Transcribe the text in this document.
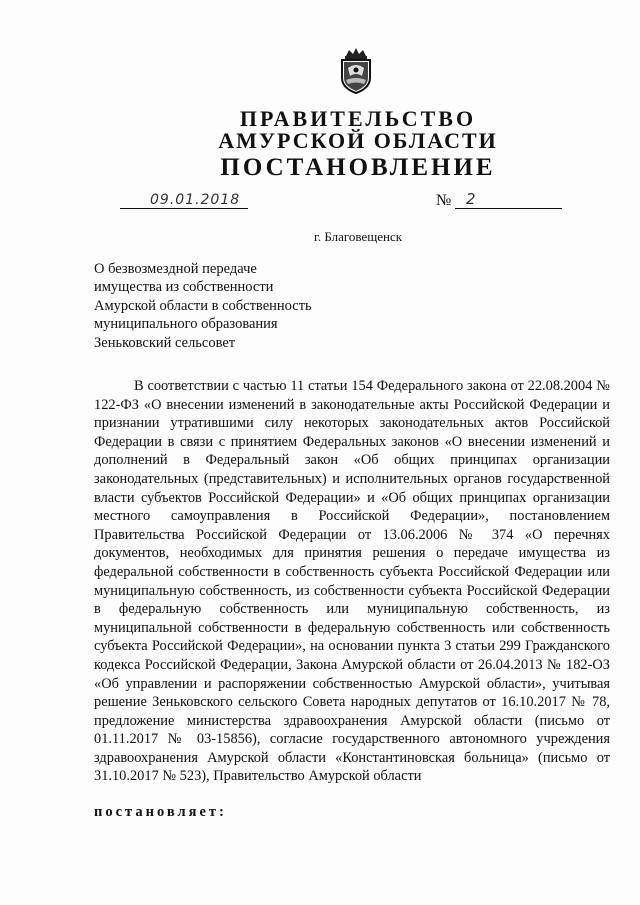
ПРАВИТЕЛЬСТВО
АМУРСКОЙ ОБЛАСТИ
ПОСТАНОВЛЕНИЕ
09.01.2018	№ 2
г. Благовещенск

О безвозмездной передаче
имущества из собственности
Амурской области в собственность
муниципального образования
Зеньковский сельсовет

В соответствии с частью 11 статьи 154 Федерального закона от 22.08.2004 № 122-ФЗ «О внесении изменений в законодательные акты Российской Федерации и признании утратившими силу некоторых законодательных актов Российской Федерации в связи с принятием Федеральных законов «О внесении изменений и дополнений в Федеральный закон «Об общих принципах организации законодательных (представительных) и исполнительных органов государственной власти субъектов Российской Федерации» и «Об общих принципах организации местного самоуправления в Российской Федерации», постановлением Правительства Российской Федерации от 13.06.2006 № 374 «О перечнях документов, необходимых для принятия решения о передаче имущества из федеральной собственности в собственность субъекта Российской Федерации или муниципальную собственность, из собственности субъекта Российской Федерации в федеральную собственность или муниципальную собственность, из муниципальной собственности в федеральную собственность или собственность субъекта Российской Федерации», на основании пункта 3 статьи 299 Гражданского кодекса Российской Федерации, Закона Амурской области от 26.04.2013 № 182-ОЗ «Об управлении и распоряжении собственностью Амурской области», учитывая решение Зеньковского сельского Совета народных депутатов от 16.10.2017 № 78, предложение министерства здравоохранения Амурской области (письмо от 01.11.2017 № 03-15856), согласие государственного автономного учреждения здравоохранения Амурской области «Константиновская больница» (письмо от 31.10.2017 № 523), Правительство Амурской области

постановляет:
